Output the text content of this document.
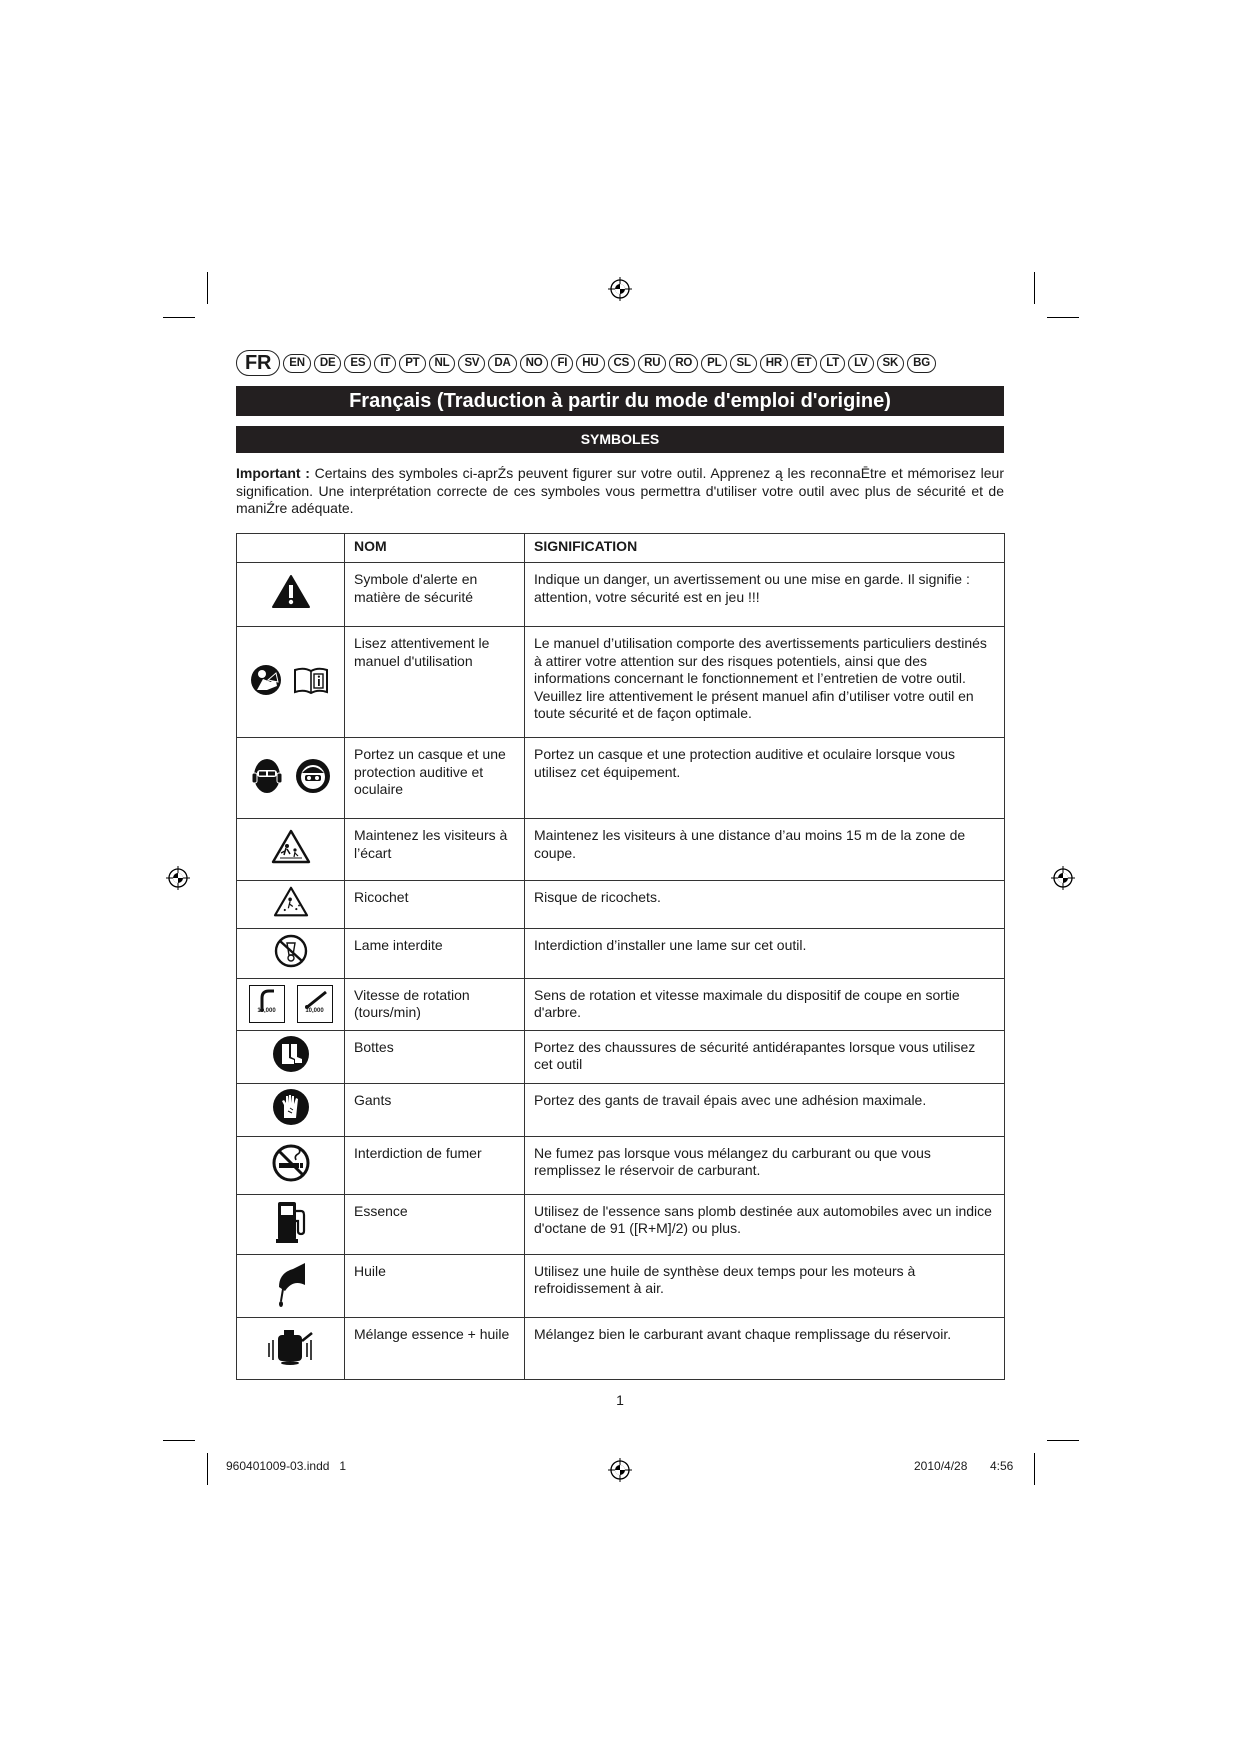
FR	EN	DE	ES	IT	PT	NL	SV	DA	NO	FI	HU	CS	RU	RO	PL	SL	HR	ET	LT	LV	SK	BG
Français (Traduction à partir du mode d'emploi d'origine)
SYMBOLES
Important : Certains des symboles ci-aprŹs peuvent figurer sur votre outil. Apprenez ą les reconnaĒtre et mémorisez leur signification. Une interprétation correcte de ces symboles vous permettra d'utiliser votre outil avec plus de sécurité et de maniŹre adéquate.
	NOM	SIGNIFICATION
	Symbole d'alerte en matière de sécurité	Indique un danger, un avertissement ou une mise en garde. Il signifie : attention, votre sécurité est en jeu !!!
	Lisez attentivement le manuel d'utilisation	Le manuel d’utilisation comporte des avertissements particuliers destinés à attirer votre attention sur des risques potentiels, ainsi que des informations concernant le fonctionnement et l’entretien de votre outil. Veuillez lire attentivement le présent manuel afin d’utiliser votre outil en toute sécurité et de façon optimale.
	Portez un casque et une protection auditive et oculaire	Portez un casque et une protection auditive et oculaire lorsque vous utilisez cet équipement.
	Maintenez les visiteurs à l’écart	Maintenez les visiteurs à une distance d’au moins 15 m de la zone de coupe.
	Ricochet	Risque de ricochets.
	Lame interdite	Interdiction d’installer une lame sur cet outil.

10,000 10,000	Vitesse de rotation (tours/min)	Sens de rotation et vitesse maximale du dispositif de coupe en sortie d'arbre.
	Bottes	Portez des chaussures de sécurité antidérapantes lorsque vous utilisez cet outil
	Gants	Portez des gants de travail épais avec une adhésion maximale.
	Interdiction de fumer	Ne fumez pas lorsque vous mélangez du carburant ou que vous remplissez le réservoir de carburant.
	Essence	Utilisez de l'essence sans plomb destinée aux automobiles avec un indice d'octane de 91 ([R+M]/2) ou plus.
	Huile	Utilisez une huile de synthèse deux temps pour les moteurs à refroidissement à air.
	Mélange essence + huile	Mélangez bien le carburant avant chaque remplissage du réservoir.
1
960401009-03.indd   1	2010/4/28 4:56
